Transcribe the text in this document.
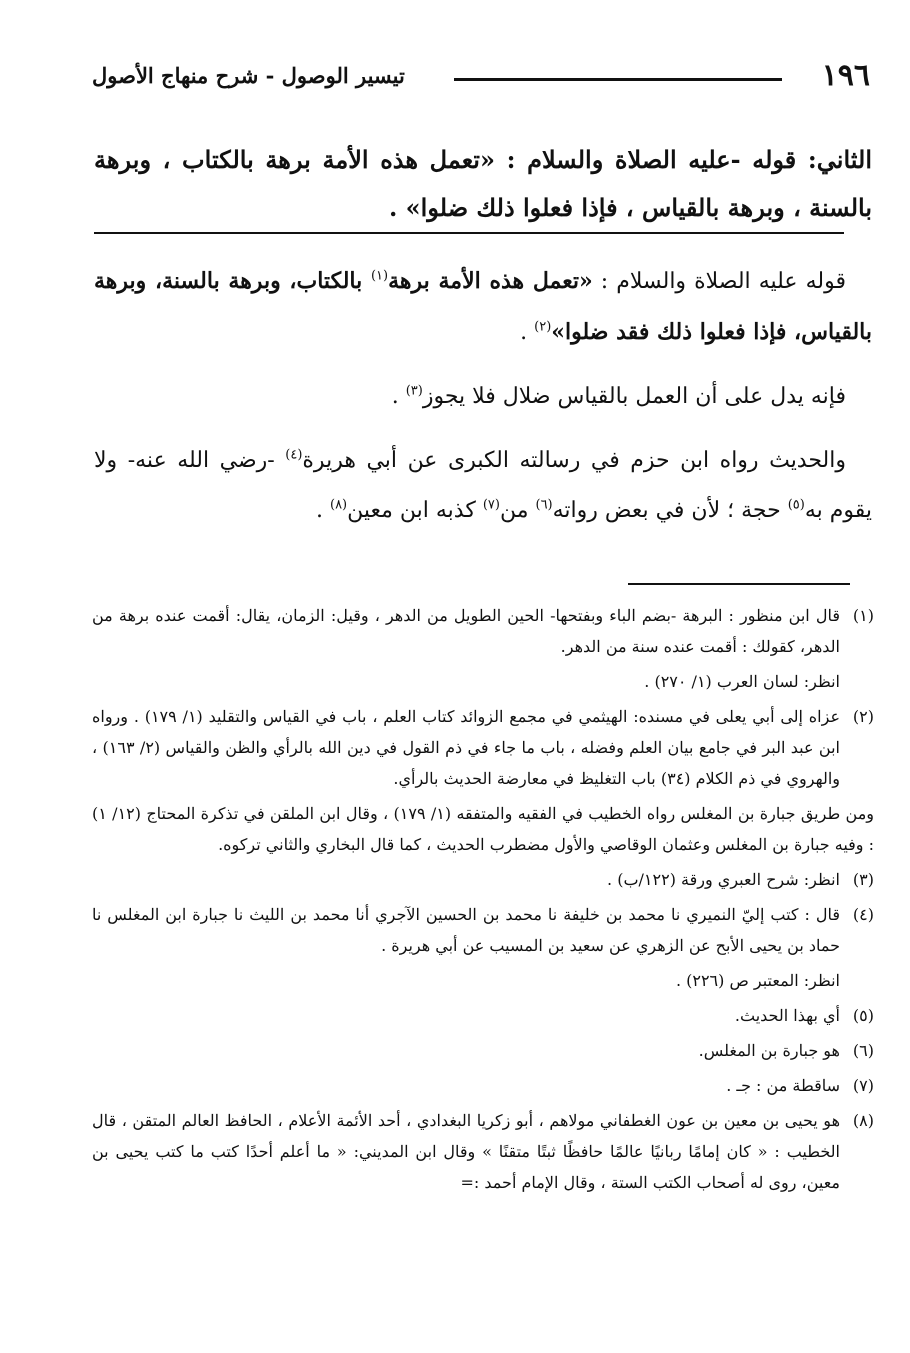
١٩٦
تيسير الوصول - شرح منهاج الأصول
الثاني: قوله -عليه الصلاة والسلام : «تعمل هذه الأمة برهة بالكتاب ، وبرهة بالسنة ، وبرهة بالقياس ، فإذا فعلوا ذلك ضلوا» .

قوله عليه الصلاة والسلام : «تعمل هذه الأمة برهة$^{(١)}$ بالكتاب، وبرهة بالسنة، وبرهة بالقياس، فإذا فعلوا ذلك فقد ضلوا»$^{(٢)}$ .

فإنه يدل على أن العمل بالقياس ضلال فلا يجوز$^{(٣)}$ .

والحديث رواه ابن حزم في رسالته الكبرى عن أبي هريرة$^{(٤)}$ -رضي الله عنه- ولا يقوم به$^{(٥)}$ حجة ؛ لأن في بعض رواته$^{(٦)}$ من$^{(٧)}$ كذبه ابن معين$^{(٨)}$ .

(١)قال ابن منظور : البرهة -بضم الباء وبفتحها- الحين الطويل من الدهر ، وقيل: الزمان، يقال: أقمت عنده برهة من الدهر، كقولك : أقمت عنده سنة من الدهر.
انظر: لسان العرب (١/ ٢٧٠) .
(٢)عزاه إلى أبي يعلى في مسنده: الهيثمي في مجمع الزوائد كتاب العلم ، باب في القياس والتقليد (١/ ١٧٩) . ورواه ابن عبد البر في جامع بيان العلم وفضله ، باب ما جاء في ذم القول في دين الله بالرأي والظن والقياس (٢/ ١٦٣) ، والهروي في ذم الكلام (٣٤) باب التغليظ في معارضة الحديث بالرأي.
ومن طريق جبارة بن المغلس رواه الخطيب في الفقيه والمتفقه (١/ ١٧٩) ، وقال ابن الملقن في تذكرة المحتاج (١٢/ ١) : وفيه جبارة بن المغلس وعثمان الوقاصي والأول مضطرب الحديث ، كما قال البخاري والثاني تركوه.
(٣)انظر: شرح العبري ورقة (١٢٢/ب) .
(٤)قال : كتب إليّ النميري نا محمد بن خليفة نا محمد بن الحسين الآجري أنا محمد بن الليث نا جبارة ابن المغلس نا حماد بن يحيى الأبح عن الزهري عن سعيد بن المسيب عن أبي هريرة .
انظر: المعتبر ص (٢٢٦) .
(٥)أي بهذا الحديث.
(٦)هو جبارة بن المغلس.
(٧)ساقطة من : جـ .
(٨)هو يحيى بن معين بن عون الغطفاني مولاهم ، أبو زكريا البغدادي ، أحد الأئمة الأعلام ، الحافظ العالم المتقن ، قال الخطيب : « كان إمامًا ربانيًا عالمًا حافظًا ثبتًا متقنًا » وقال ابن المديني: « ما أعلم أحدًا كتب ما كتب يحيى بن معين، روى له أصحاب الكتب الستة ، وقال الإمام أحمد :=
